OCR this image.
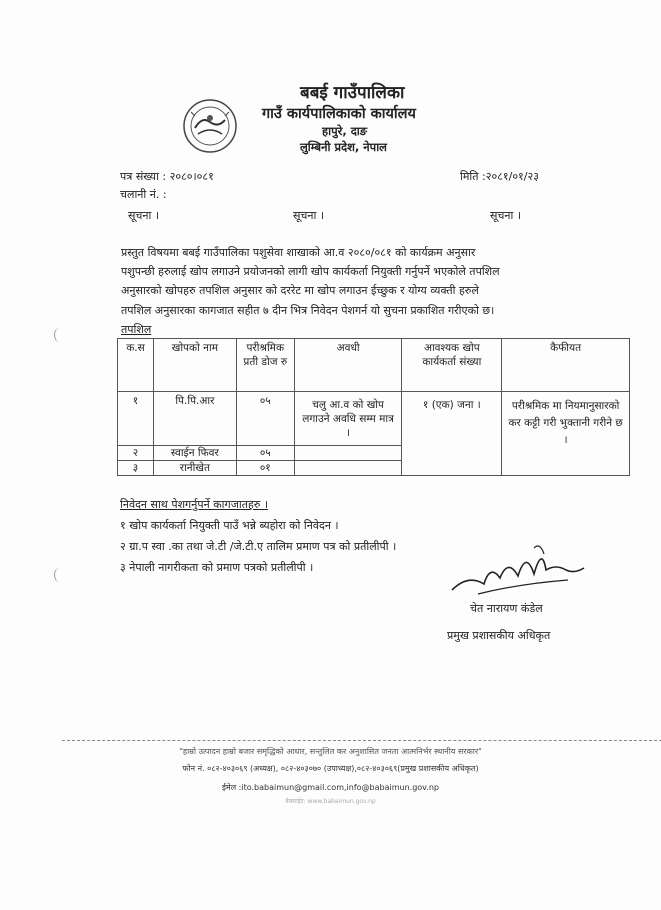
बबई गाउँपालिका
गाउँ कार्यपालिकाको कार्यालय
हापुरे, दाङ
लुम्बिनी प्रदेश, नेपाल
पत्र संख्या : २०८०।०८१
चलानी नं. :
मिति :२०८१/०१/२३
सूचना ।	सूचना ।	सूचना ।
प्रस्तुत विषयमा बबई गाउँपालिका पशुसेवा शाखाको आ.व २०८०/०८१ को कार्यक्रम अनुसार
पशुपन्छी हरुलाई खोप लगाउने प्रयोजनको लागी खोप कार्यकर्ता नियुक्ती गर्नुपर्ने भएकोले तपशिल
अनुसारको खोपहरु तपशिल अनुसार को दररेट मा खोप लगाउन ईच्छुक र योग्य व्यक्ती हरुले
तपशिल अनुसारका कागजात सहीत ७ दीन भित्र निवेदन पेशगर्न यो सुचना प्रकाशित गरीएको छ।
तपशिल
क.स	खोपको नाम	परीश्रमिक प्रती डोज रु	अवधी	आवश्यक खोप कार्यकर्ता संख्या	कैफीयत
१	पि.पि.आर	०५	चलु आ.व को खोप लगाउने अवधि सम्म मात्र ।	१ (एक) जना ।	परीश्रमिक मा नियमानुसारको कर कट्टी गरी भुक्तानी गरीने छ ।
२	स्वाईन फिवर	०५			
३	रानीखेत	०१			
निवेदन साथ पेशगर्नुपर्ने कागजातहरु ।
१ खोप कार्यकर्ता नियुक्ती पाउँ भन्ने ब्यहोरा को निवेदन ।
२ ग्रा.प स्वा .का तथा जे.टी /जे.टी.ए तालिम प्रमाण पत्र को प्रतीलीपी ।
३ नेपाली नागरीकता को प्रमाण पत्रको प्रतीलीपी ।
चेत नारायण कंडेल
प्रमुख प्रशासकीय अधिकृत
"हाम्रो उत्पादन हाम्रो बजार समृद्धिको आधार, सन्तुलित कर अनुशासित जनता आत्मनिर्भर स्थानीय सरकार"
फोन नं. ०८२-४०३०६९ (अध्यक्ष), ०८२-४०३०७० (उपाध्यक्ष),०८२-४०३०६९(प्रमुख प्रशासकीय अधिकृत)
ईमेल :ito.babaimun@gmail.com,info@babaimun.gov.np
वेबसाईट: www.babaimun.gov.np
